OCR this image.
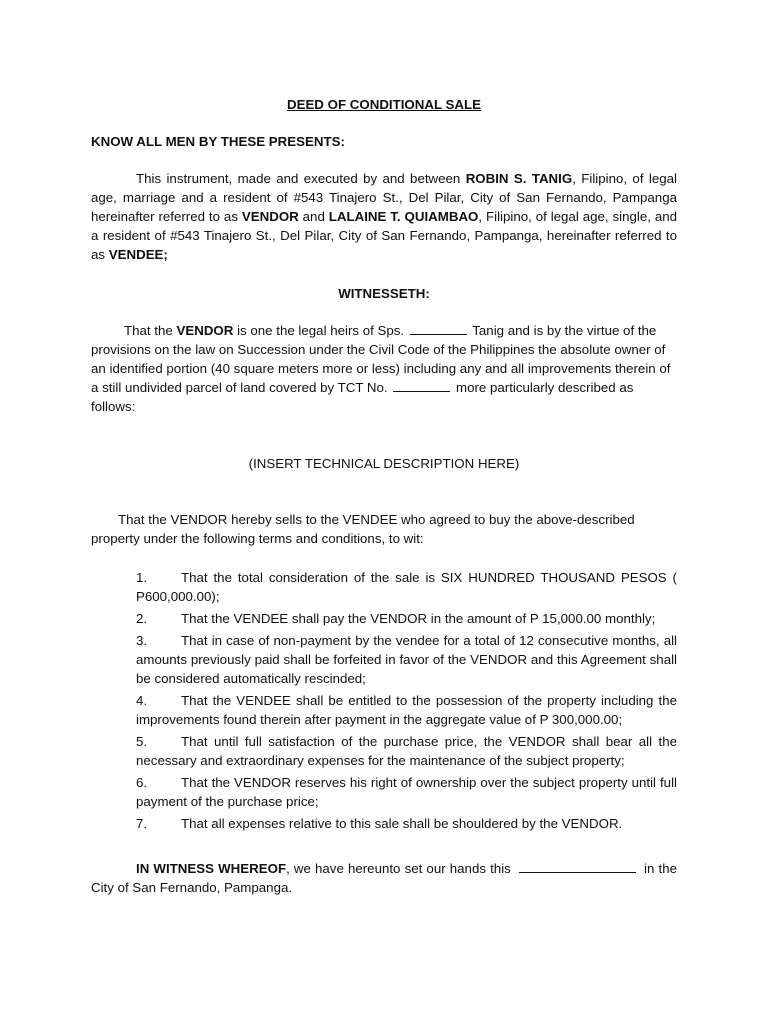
DEED OF CONDITIONAL SALE

KNOW ALL MEN BY THESE PRESENTS:

This instrument, made and executed by and between ROBIN S. TANIG, Filipino, of legal age, marriage and a resident of #543 Tinajero St., Del Pilar, City of San Fernando, Pampanga hereinafter referred to as VENDOR and LALAINE T. QUIAMBAO, Filipino, of legal age, single, and a resident of #543 Tinajero St., Del Pilar, City of San Fernando, Pampanga, hereinafter referred to as VENDEE;

WITNESSETH:

That the VENDOR is one the legal heirs of Sps.	Tanig and is by the virtue of the provisions on the law on Succession under the Civil Code of the Philippines the absolute owner of an identified portion (40 square meters more or less) including any and all improvements therein of a still undivided parcel of land covered by TCT No.	more particularly described as follows:

(INSERT TECHNICAL DESCRIPTION HERE)

That the VENDOR hereby sells to the VENDEE who agreed to buy the above-described property under the following terms and conditions, to wit:

1.	That the total consideration of the sale is SIX HUNDRED THOUSAND PESOS ( P600,000.00);
2.	That the VENDEE shall pay the VENDOR in the amount of P 15,000.00 monthly;
3.	That in case of non-payment by the vendee for a total of 12 consecutive months, all amounts previously paid shall be forfeited in favor of the VENDOR and this Agreement shall be considered automatically rescinded;
4.	That the VENDEE shall be entitled to the possession of the property including the improvements found therein after payment in the aggregate value of P 300,000.00;
5.	That until full satisfaction of the purchase price, the VENDOR shall bear all the necessary and extraordinary expenses for the maintenance of the subject property;
6.	That the VENDOR reserves his right of ownership over the subject property until full payment of the purchase price;
7.	That all expenses relative to this sale shall be shouldered by the VENDOR.

IN WITNESS WHEREOF, we have hereunto set our hands this	in the City of San Fernando, Pampanga.
